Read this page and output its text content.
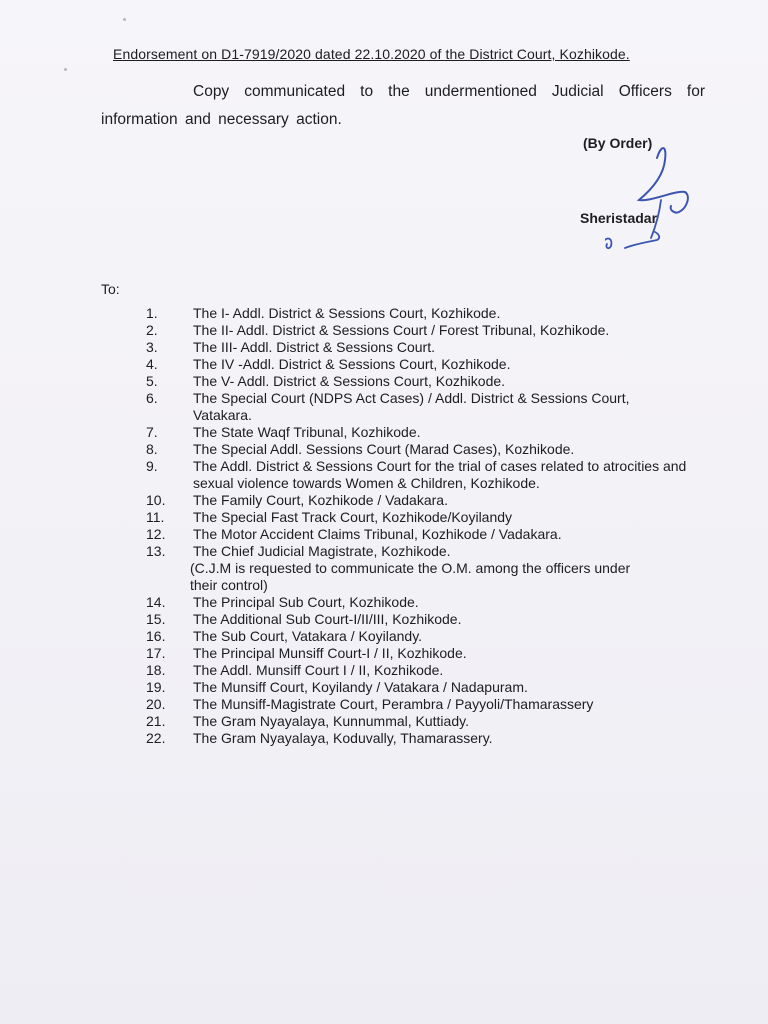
Endorsement on D1-7919/2020 dated 22.10.2020 of the District Court, Kozhikode.
Copy communicated to the undermentioned Judicial Officers for information and necessary action.
(By Order)
Sheristadar
To:
1.	The I- Addl. District & Sessions Court, Kozhikode.
2.	The II- Addl. District & Sessions Court / Forest Tribunal, Kozhikode.
3.	The III- Addl. District & Sessions Court.
4.	The IV -Addl. District & Sessions Court, Kozhikode.
5.	The V- Addl. District & Sessions Court, Kozhikode.
6.	The Special Court (NDPS Act Cases) / Addl. District & Sessions Court, Vatakara.
7.	The State Waqf Tribunal, Kozhikode.
8.	The Special Addl. Sessions Court (Marad Cases), Kozhikode.
9.	The Addl. District & Sessions Court for the trial of cases related to atrocities and sexual violence towards Women & Children, Kozhikode.
10.	The Family Court, Kozhikode / Vadakara.
11.	The Special Fast Track Court, Kozhikode/Koyilandy
12.	The Motor Accident Claims Tribunal, Kozhikode / Vadakara.
13.	The Chief Judicial Magistrate, Kozhikode.
(C.J.M is requested to communicate the O.M. among the officers under their control)
14.	The Principal Sub Court, Kozhikode.
15.	The Additional Sub Court-I/II/III, Kozhikode.
16.	The Sub Court, Vatakara / Koyilandy.
17.	The Principal Munsiff Court-I / II, Kozhikode.
18.	The Addl. Munsiff Court I / II, Kozhikode.
19.	The Munsiff Court, Koyilandy / Vatakara / Nadapuram.
20.	The Munsiff-Magistrate Court, Perambra / Payyoli/Thamarassery
21.	The Gram Nyayalaya, Kunnummal, Kuttiady.
22.	The Gram Nyayalaya, Koduvally, Thamarassery.
